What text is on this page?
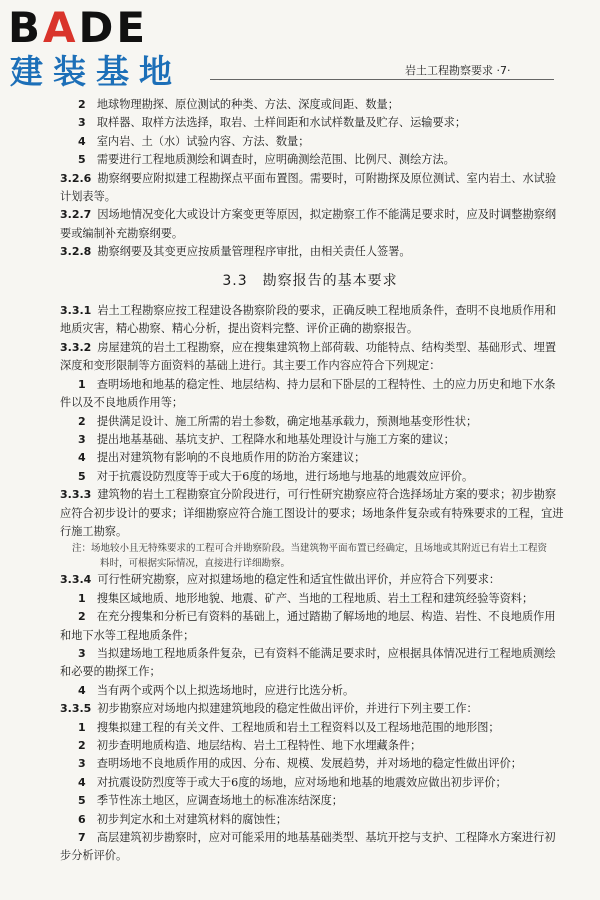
BADE
建装基地	岩土工程勘察要求 ·7·
2　 地球物理勘探、原位测试的种类、方法、深度或间距、数量；
3　 取样器、取样方法选择，取岩、土样间距和水试样数量及贮存、运输要求；
4　 室内岩、土（水）试验内容、方法、数量；
5　 需要进行工程地质测绘和调查时，应明确测绘范围、比例尺、测绘方法。
3.2.6 勘察纲要应附拟建工程勘探点平面布置图。需要时，可附勘探及原位测试、室内岩土、水试验
计划表等。
3.2.7 因场地情况变化大或设计方案变更等原因，拟定勘察工作不能满足要求时，应及时调整勘察纲
要或编制补充勘察纲要。
3.2.8 勘察纲要及其变更应按质量管理程序审批，由相关责任人签署。
3.3　勘察报告的基本要求
3.3.1 岩土工程勘察应按工程建设各勘察阶段的要求，正确反映工程地质条件，查明不良地质作用和
地质灾害，精心勘察、精心分析，提出资料完整、评价正确的勘察报告。
3.3.2 房屋建筑的岩土工程勘察，应在搜集建筑物上部荷载、功能特点、结构类型、基础形式、埋置
深度和变形限制等方面资料的基础上进行。其主要工作内容应符合下列规定：
1　 查明场地和地基的稳定性、地层结构、持力层和下卧层的工程特性、土的应力历史和地下水条
件以及不良地质作用等；
2　 提供满足设计、施工所需的岩土参数，确定地基承载力，预测地基变形性状；
3　 提出地基基础、基坑支护、工程降水和地基处理设计与施工方案的建议；
4　 提出对建筑物有影响的不良地质作用的防治方案建议；
5　 对于抗震设防烈度等于或大于6度的场地，进行场地与地基的地震效应评价。
3.3.3 建筑物的岩土工程勘察宜分阶段进行，可行性研究勘察应符合选择场址方案的要求；初步勘察
应符合初步设计的要求；详细勘察应符合施工图设计的要求；场地条件复杂或有特殊要求的工程，宜进
行施工勘察。
注：场地较小且无特殊要求的工程可合并勘察阶段。当建筑物平面布置已经确定，且场地或其附近已有岩土工程资
料时，可根据实际情况，直接进行详细勘察。
3.3.4 可行性研究勘察，应对拟建场地的稳定性和适宜性做出评价，并应符合下列要求：
1　 搜集区域地质、地形地貌、地震、矿产、当地的工程地质、岩土工程和建筑经验等资料；
2　 在充分搜集和分析已有资料的基础上，通过踏勘了解场地的地层、构造、岩性、不良地质作用
和地下水等工程地质条件；
3　 当拟建场地工程地质条件复杂，已有资料不能满足要求时，应根据具体情况进行工程地质测绘
和必要的勘探工作；
4　 当有两个或两个以上拟选场地时，应进行比选分析。
3.3.5 初步勘察应对场地内拟建建筑地段的稳定性做出评价，并进行下列主要工作：
1　 搜集拟建工程的有关文件、工程地质和岩土工程资料以及工程场地范围的地形图；
2　 初步查明地质构造、地层结构、岩土工程特性、地下水埋藏条件；
3　 查明场地不良地质作用的成因、分布、规模、发展趋势，并对场地的稳定性做出评价；
4　 对抗震设防烈度等于或大于6度的场地，应对场地和地基的地震效应做出初步评价；
5　 季节性冻土地区，应调查场地土的标准冻结深度；
6　 初步判定水和土对建筑材料的腐蚀性；
7　 高层建筑初步勘察时，应对可能采用的地基基础类型、基坑开挖与支护、工程降水方案进行初
步分析评价。
